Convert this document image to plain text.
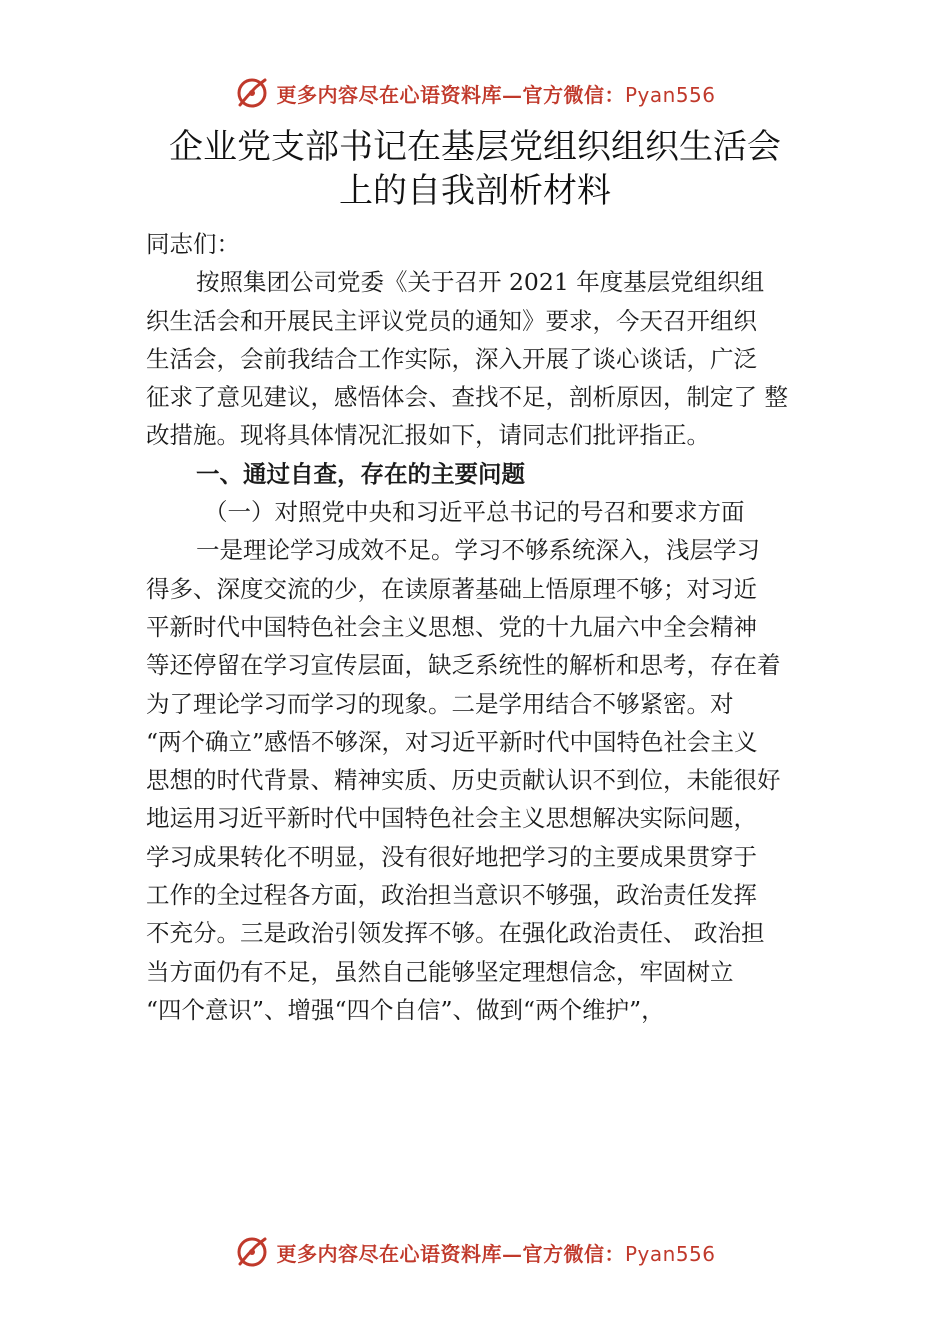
更多内容尽在心语资料库—官方微信：Pyan556
企业党支部书记在基层党组织组织生活会
上的自我剖析材料
同志们：
按照集团公司党委《关于召开 2021 年度基层党组织组
织生活会和开展民主评议党员的通知》要求，今天召开组织
生活会，会前我结合工作实际，深入开展了谈心谈话，广泛
征求了意见建议，感悟体会、查找不足，剖析原因，制定了 整
改措施。现将具体情况汇报如下，请同志们批评指正。
一、通过自查，存在的主要问题
（一）对照党中央和习近平总书记的号召和要求方面
一是理论学习成效不足。学习不够系统深入，浅层学习
得多、深度交流的少，在读原著基础上悟原理不够；对习近
平新时代中国特色社会主义思想、党的十九届六中全会精神
等还停留在学习宣传层面，缺乏系统性的解析和思考，存在着
为了理论学习而学习的现象。二是学用结合不够紧密。对
“两个确立”感悟不够深，对习近平新时代中国特色社会主义
思想的时代背景、精神实质、历史贡献认识不到位，未能很好
地运用习近平新时代中国特色社会主义思想解决实际问题，
学习成果转化不明显，没有很好地把学习的主要成果贯穿于
工作的全过程各方面，政治担当意识不够强，政治责任发挥
不充分。三是政治引领发挥不够。在强化政治责任、 政治担
当方面仍有不足，虽然自己能够坚定理想信念，牢固树立
“四个意识”、增强“四个自信”、做到“两个维护”，
更多内容尽在心语资料库—官方微信：Pyan556
